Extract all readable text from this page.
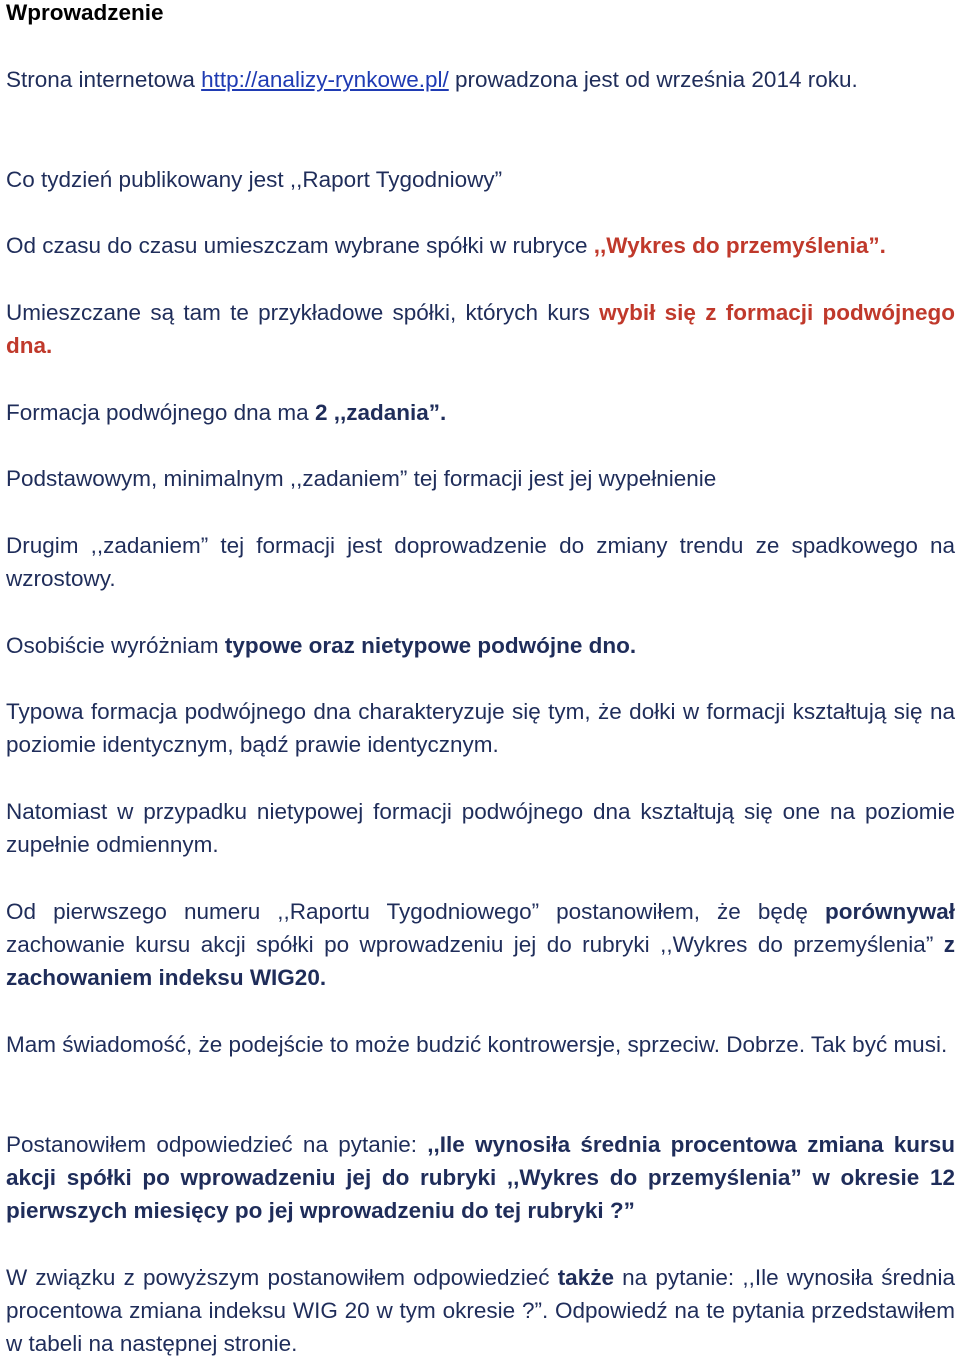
Wprowadzenie

Strona internetowa http://analizy-rynkowe.pl/ prowadzona jest od września 2014 roku.

Co tydzień publikowany jest ,,Raport Tygodniowy”

Od czasu do czasu umieszczam wybrane spółki w rubryce ,,Wykres do przemyślenia”.

Umieszczane są tam te przykładowe spółki, których kurs wybił się z formacji podwójnego dna.

Formacja podwójnego dna ma 2 ,,zadania”.

Podstawowym, minimalnym ,,zadaniem” tej formacji jest jej wypełnienie

Drugim ,,zadaniem” tej formacji jest doprowadzenie do zmiany trendu ze spadkowego na wzrostowy.

Osobiście wyróżniam typowe oraz nietypowe podwójne dno.

Typowa formacja podwójnego dna charakteryzuje się tym, że dołki w formacji kształtują się na poziomie identycznym, bądź prawie identycznym.

Natomiast w przypadku nietypowej formacji podwójnego dna kształtują się one na poziomie zupełnie odmiennym.

Od pierwszego numeru ,,Raportu Tygodniowego” postanowiłem, że będę porównywał zachowanie kursu akcji spółki po wprowadzeniu jej do rubryki ,,Wykres do przemyślenia” z zachowaniem indeksu WIG20.

Mam świadomość, że podejście to może budzić kontrowersje, sprzeciw. Dobrze. Tak być musi.

Postanowiłem odpowiedzieć na pytanie: ,,Ile wynosiła średnia procentowa zmiana kursu akcji spółki po wprowadzeniu jej do rubryki ,,Wykres do przemyślenia” w okresie 12 pierwszych miesięcy po jej wprowadzeniu do tej rubryki ?”

W związku z powyższym postanowiłem odpowiedzieć także na pytanie: ,,Ile wynosiła średnia procentowa zmiana indeksu WIG 20 w tym okresie ?”. Odpowiedź na te pytania przedstawiłem w tabeli na następnej stronie.
